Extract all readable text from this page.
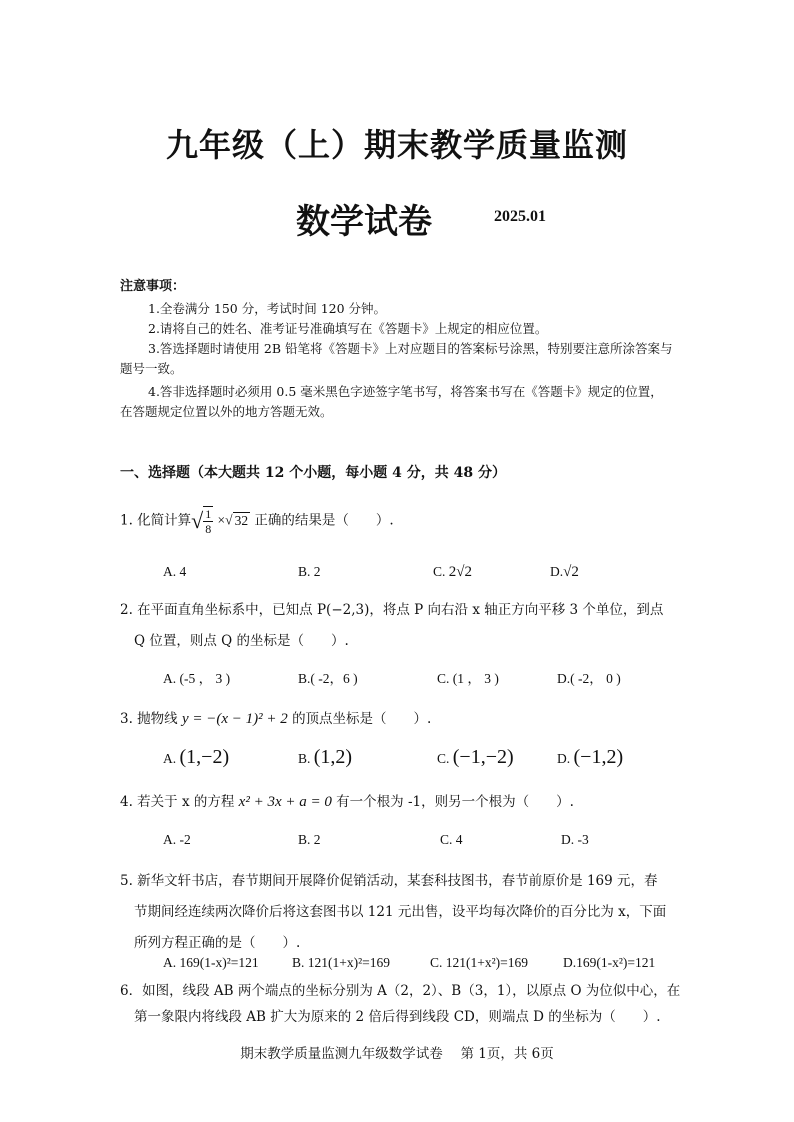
九年级（上）期末教学质量监测
数学试卷	2025.01
注意事项：
1.全卷满分 150 分，考试时间 120 分钟。
2.请将自己的姓名、准考证号准确填写在《答题卡》上规定的相应位置。
3.答选择题时请使用 2B 铅笔将《答题卡》上对应题目的答案标号涂黑，特别要注意所涂答案与题号一致。
4.答非选择题时必须用 0.5 毫米黑色字迹签字笔书写，将答案书写在《答题卡》规定的位置，在答题规定位置以外的地方答题无效。
一、选择题（本大题共 12 个小题，每小题 4 分，共 48 分）
1. 化简计算√ $\frac{1}{8}$ ×√ 32 正确的结果是（　　）.
A. 4	B. 2	C. 2√2	D.√2
2. 在平面直角坐标系中，已知点 P(−2,3)，将点 P 向右沿 x 轴正方向平移 3 个单位，到点
Q 位置，则点 Q 的坐标是（　　）.
A. (-5 ， 3 )	B.( -2，6 )	C. (1 ， 3 )	D.( -2， 0 )
3. 抛物线 y = −(x − 1)² + 2 的顶点坐标是（　　）.
A. (1,−2)	B. (1,2)	C. (−1,−2)	D. (−1,2)
4. 若关于 x 的方程 x² + 3x + a = 0 有一个根为 -1，则另一个根为（　　）.
A. -2	B. 2	C. 4	D. -3
5. 新华文轩书店，春节期间开展降价促销活动，某套科技图书，春节前原价是 169 元，春
节期间经连续两次降价后将这套图书以 121 元出售，设平均每次降价的百分比为 x，下面
所列方程正确的是（　　）.
A. 169(1-x)²=121 B. 121(1+x)²=169	C. 121(1+x²)=169	D.169(1-x²)=121
6．如图，线段 AB 两个端点的坐标分别为 A（2，2）、B（3，1），以原点 O 为位似中心，在
第一象限内将线段 AB 扩大为原来的 2 倍后得到线段 CD，则端点 D 的坐标为（　　）.
期末教学质量监测九年级数学试卷　 第 1页，共 6页
